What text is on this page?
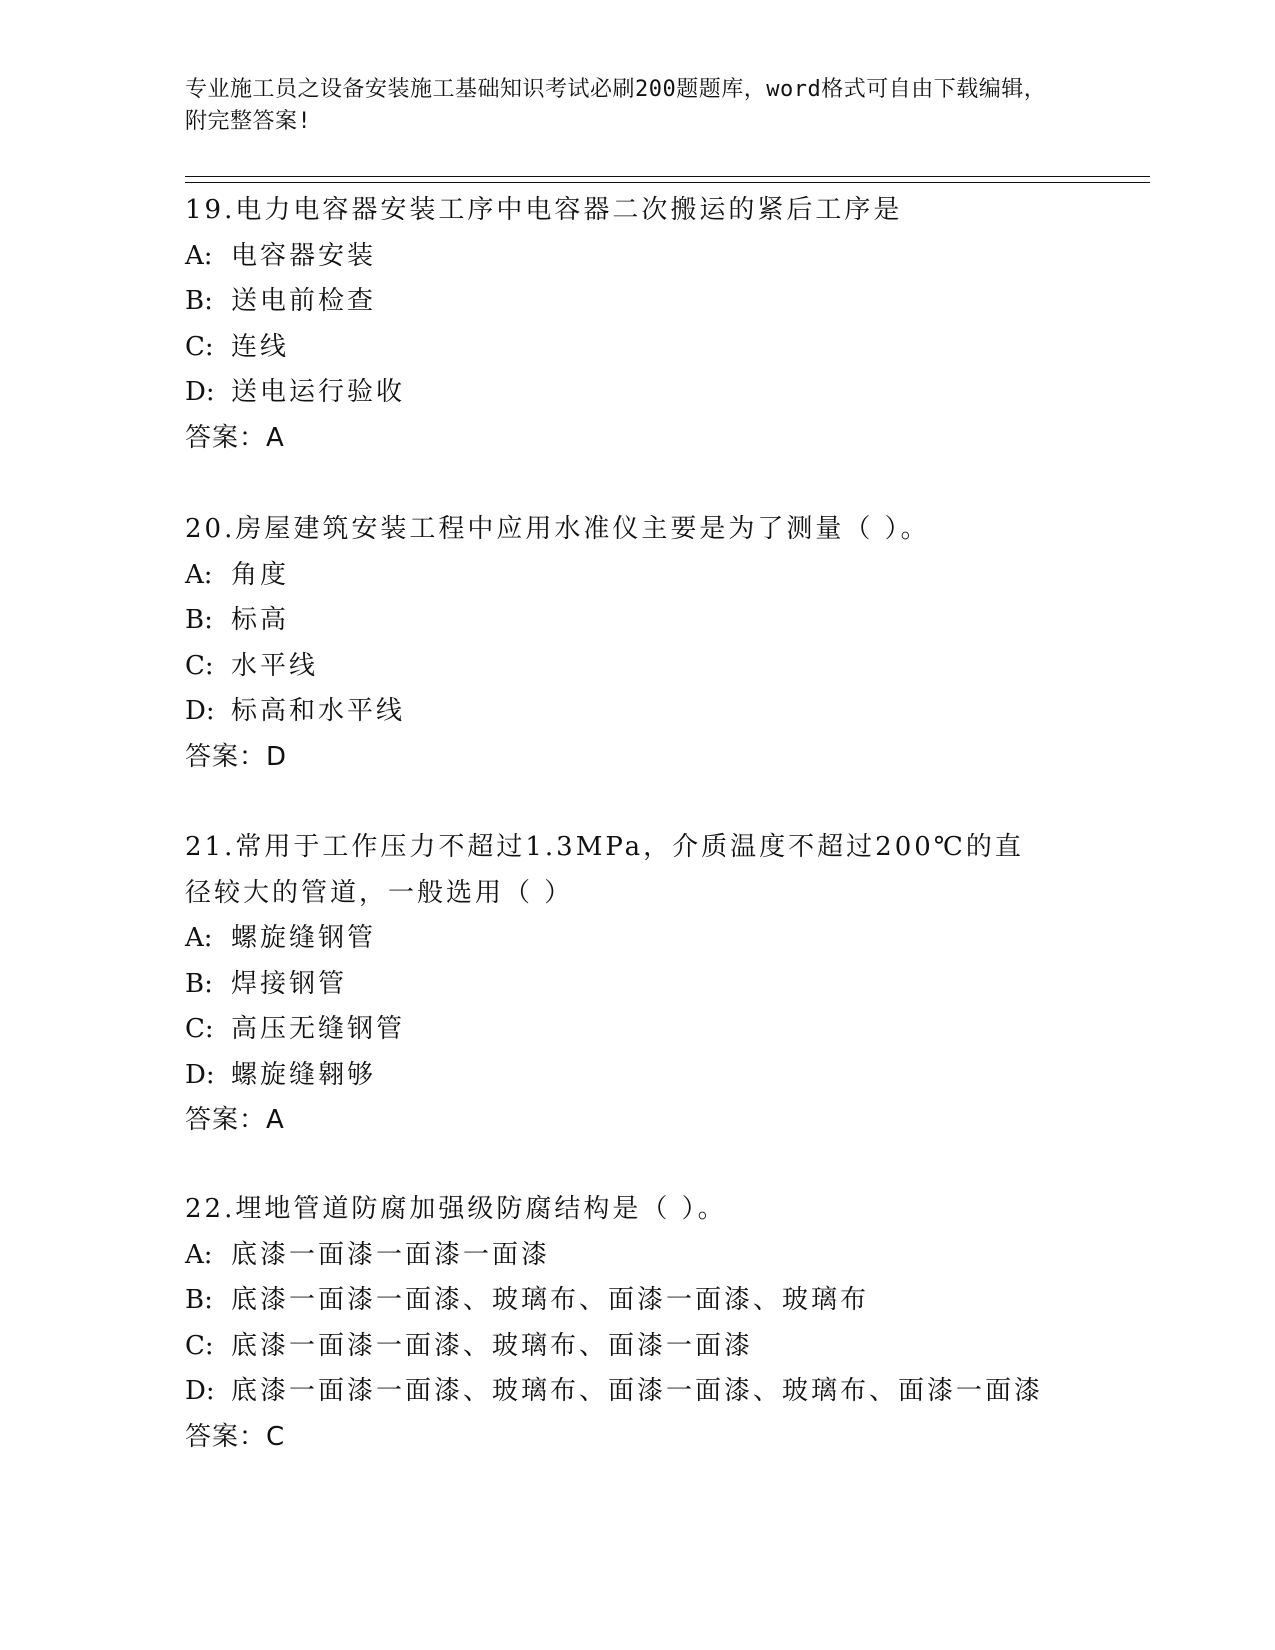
专业施工员之设备安装施工基础知识考试必刷200题题库，word格式可自由下载编辑，附完整答案!
19.电力电容器安装工序中电容器二次搬运的紧后工序是
A: 电容器安装
B: 送电前检查
C: 连线
D: 送电运行验收
答案：A
20.房屋建筑安装工程中应用水准仪主要是为了测量（ ）。
A: 角度
B: 标高
C: 水平线
D: 标高和水平线
答案：D
21.常用于工作压力不超过1.3MPa，介质温度不超过200℃的直径较大的管道，一般选用（ ）
A: 螺旋缝钢管
B: 焊接钢管
C: 高压无缝钢管
D: 螺旋缝翱够
答案：A
22.埋地管道防腐加强级防腐结构是（ ）。
A: 底漆一面漆一面漆一面漆
B: 底漆一面漆一面漆、玻璃布、面漆一面漆、玻璃布
C: 底漆一面漆一面漆、玻璃布、面漆一面漆
D: 底漆一面漆一面漆、玻璃布、面漆一面漆、玻璃布、面漆一面漆
答案：C
